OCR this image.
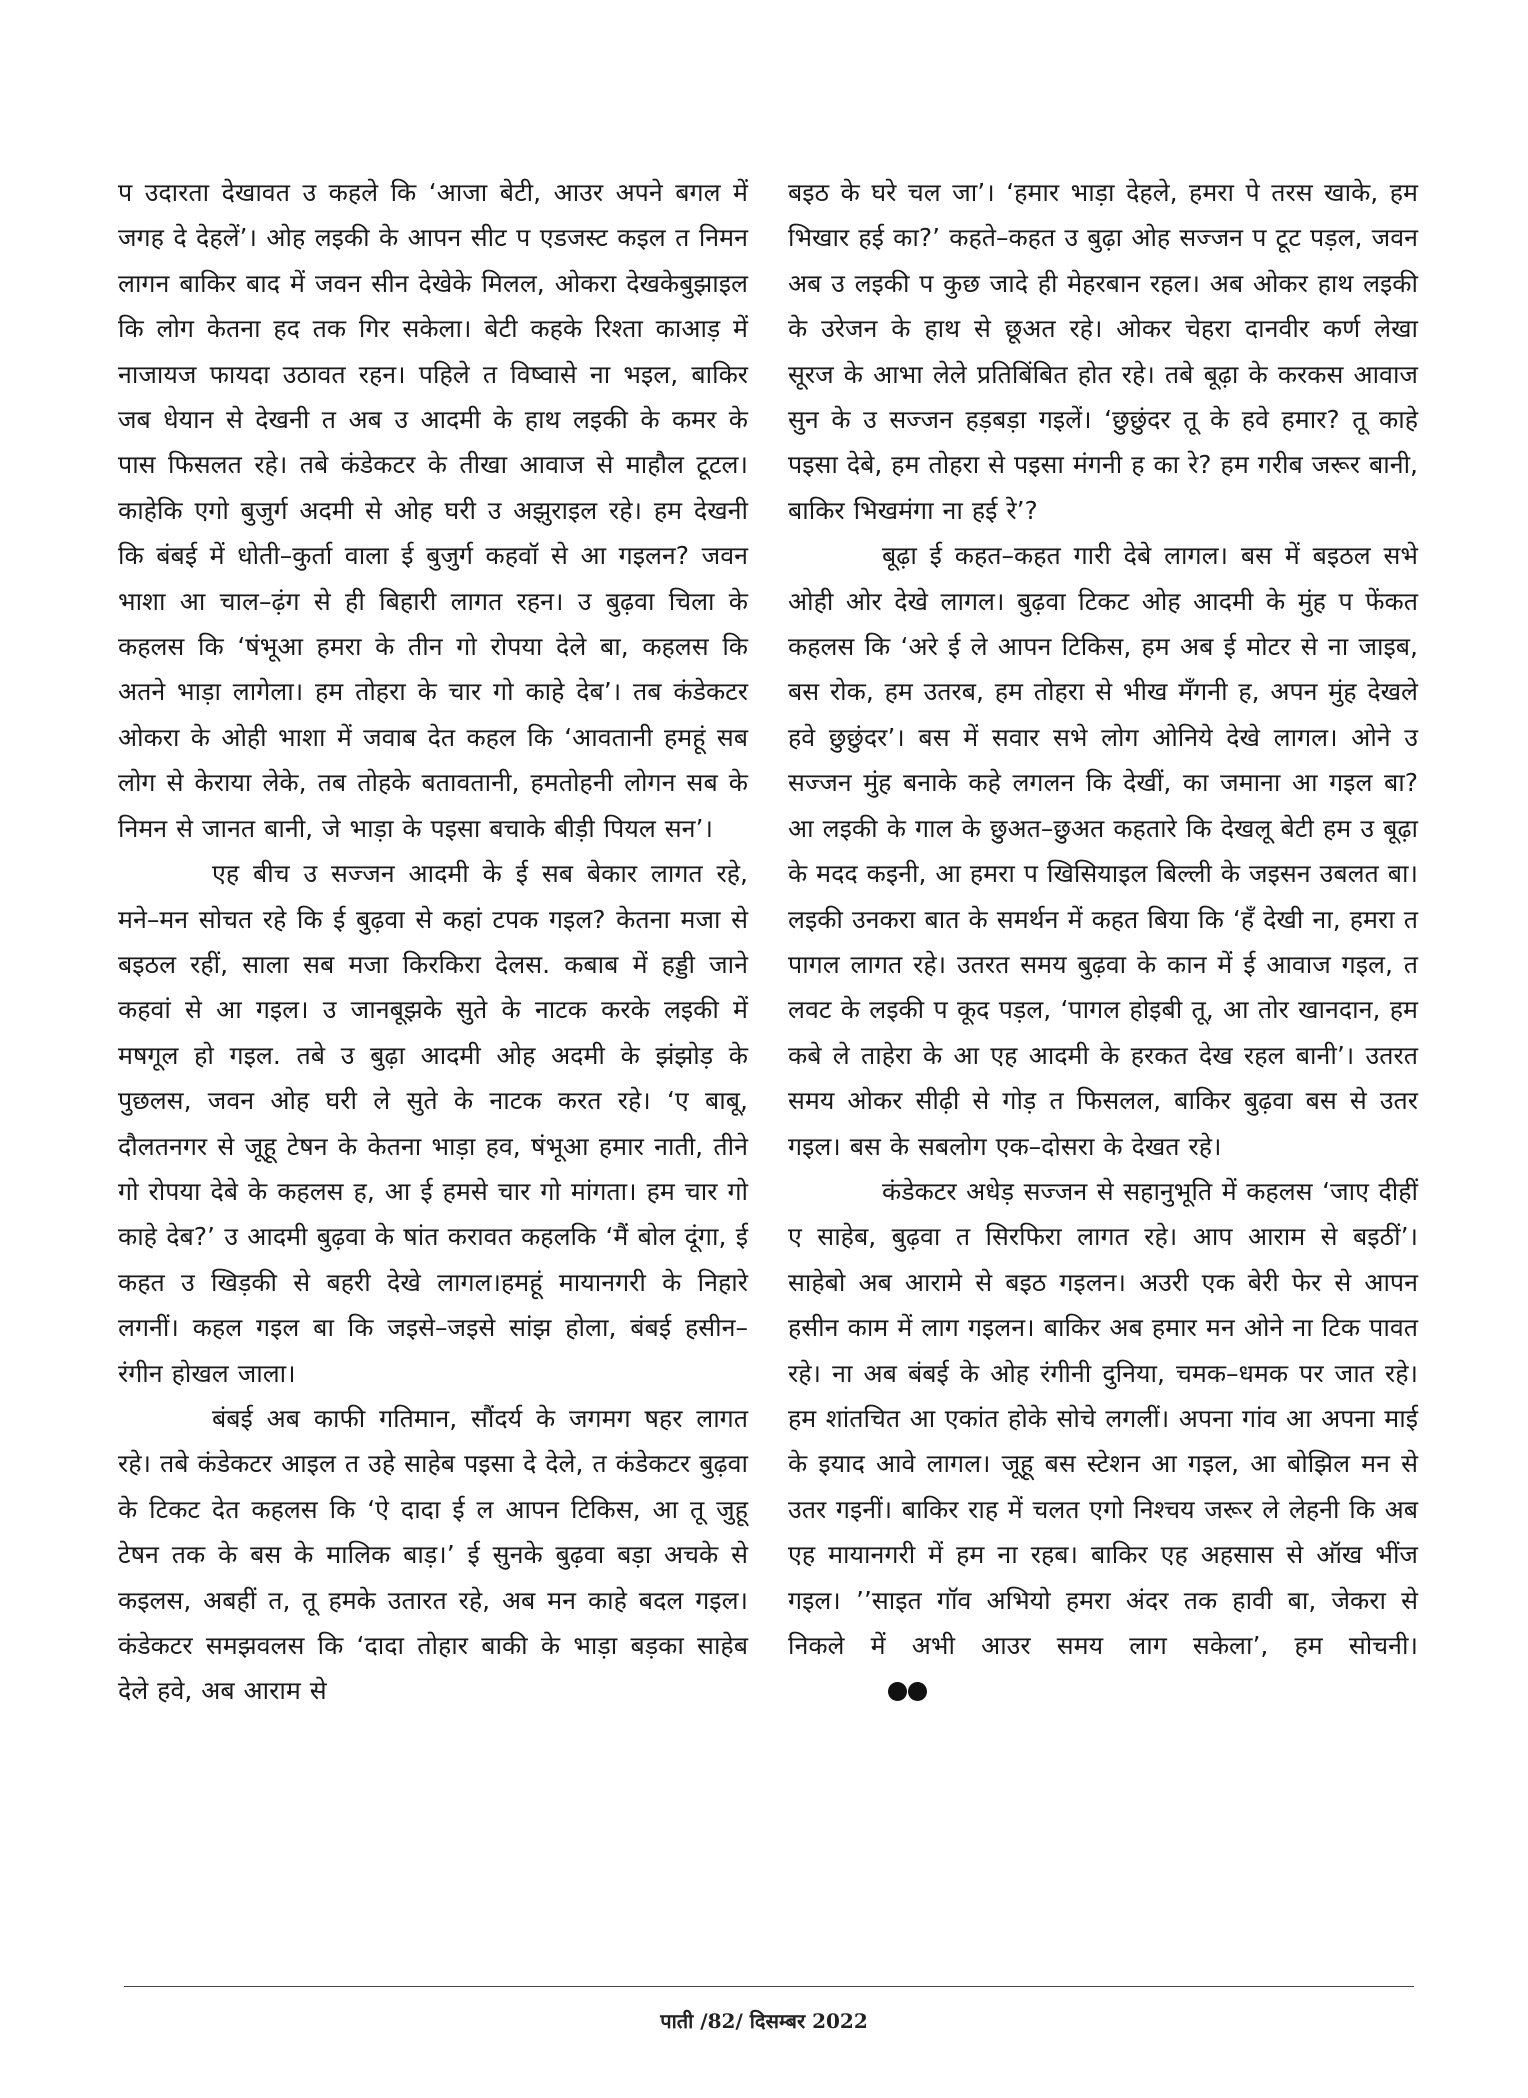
प उदारता देखावत उ कहले कि ‘आजा बेटी, आउर अपने बगल में जगह दे देहलें’। ओह लइकी के आपन सीट प एडजस्ट कइल त निमन लागन बाकिर बाद में जवन सीन देखेके मिलल, ओकरा देखकेबुझाइल कि लोग केतना हद तक गिर सकेला। बेटी कहके रिश्ता काआड़ में नाजायज फायदा उठावत रहन। पहिले त विष्वासे ना भइल, बाकिर जब धेयान से देखनी त अब उ आदमी के हाथ लइकी के कमर के पास फिसलत रहे। तबे कंडेकटर के तीखा आवाज से माहौल टूटल। काहेकि एगो बुजुर्ग अदमी से ओह घरी उ अझुराइल रहे। हम देखनी कि बंबई में धोती–कुर्ता वाला ई बुजुर्ग कहवॉ से आ गइलन? जवन भाशा आ चाल–ढ़ंग से ही बिहारी लागत रहन। उ बुढ़वा चिला के कहलस कि ‘षंभूआ हमरा के तीन गो रोपया देले बा, कहलस कि अतने भाड़ा लागेला। हम तोहरा के चार गो काहे देब’। तब कंडेकटर ओकरा के ओही भाशा में जवाब देत कहल कि ‘आवतानी हमहूं सब लोग से केराया लेके, तब तोहके बतावतानी, हमतोहनी लोगन सब के निमन से जानत बानी, जे भाड़ा के पइसा बचाके बीड़ी पियल सन’।

एह बीच उ सज्जन आदमी के ई सब बेकार लागत रहे, मने–मन सोचत रहे कि ई बुढ़वा से कहां टपक गइल? केतना मजा से बइठल रहीं, साला सब मजा किरकिरा देलस. कबाब में हड्डी जाने कहवां से आ गइल। उ जानबूझके सुते के नाटक करके लइकी में मषगूल हो गइल. तबे उ बुढ़ा आदमी ओह अदमी के झंझोड़ के पुछलस, जवन ओह घरी ले सुते के नाटक करत रहे। ‘ए बाबू, दौलतनगर से जूहू टेषन के केतना भाड़ा हव, षंभूआ हमार नाती, तीने गो रोपया देबे के कहलस ह, आ ई हमसे चार गो मांगता। हम चार गो काहे देब?’ उ आदमी बुढ़वा के षांत करावत कहलकि ‘मैं बोल दूंगा, ई कहत उ खिड़की से बहरी देखे लागल।हमहूं मायानगरी के निहारे लगनीं। कहल गइल बा कि जइसे–जइसे सांझ होला, बंबई हसीन–रंगीन होखल जाला।

बंबई अब काफी गतिमान, सौंदर्य के जगमग षहर लागत रहे। तबे कंडेकटर आइल त उहे साहेब पइसा दे देले, त कंडेकटर बुढ़वा के टिकट देत कहलस कि ‘ऐ दादा ई ल आपन टिकिस, आ तू जुहू टेषन तक के बस के मालिक बाड़।’ ई सुनके बुढ़वा बड़ा अचके से कइलस, अबहीं त, तू हमके उतारत रहे, अब मन काहे बदल गइल। कंडेकटर समझवलस कि ‘दादा तोहार बाकी के भाड़ा बड़का साहेब देले हवे, अब आराम से

बइठ के घरे चल जा’। ‘हमार भाड़ा देहले, हमरा पे तरस खाके, हम भिखार हई का?’ कहते–कहत उ बुढ़ा ओह सज्जन प टूट पड़ल, जवन अब उ लइकी प कुछ जादे ही मेहरबान रहल। अब ओकर हाथ लइकी के उरेजन के हाथ से छूअत रहे। ओकर चेहरा दानवीर कर्ण लेखा सूरज के आभा लेले प्रतिबिंबित होत रहे। तबे बूढ़ा के करकस आवाज सुन के उ सज्जन हड़बड़ा गइलें। ‘छुछुंदर तू के हवे हमार? तू काहे पइसा देबे, हम तोहरा से पइसा मंगनी ह का रे? हम गरीब जरूर बानी, बाकिर भिखमंगा ना हई रे’?

बूढ़ा ई कहत–कहत गारी देबे लागल। बस में बइठल सभे ओही ओर देखे लागल। बुढ़वा टिकट ओह आदमी के मुंह प फेंकत कहलस कि ‘अरे ई ले आपन टिकिस, हम अब ई मोटर से ना जाइब, बस रोक, हम उतरब, हम तोहरा से भीख मँगनी ह, अपन मुंह देखले हवे छुछुंदर’। बस में सवार सभे लोग ओनिये देखे लागल। ओने उ सज्जन मुंह बनाके कहे लगलन कि देखीं, का जमाना आ गइल बा? आ लइकी के गाल के छुअत–छुअत कहतारे कि देखलू बेटी हम उ बूढ़ा के मदद कइनी, आ हमरा प खिसियाइल बिल्ली के जइसन उबलत बा। लइकी उनकरा बात के समर्थन में कहत बिया कि ‘हँ देखी ना, हमरा त पागल लागत रहे। उतरत समय बुढ़वा के कान में ई आवाज गइल, त लवट के लइकी प कूद पड़ल, ‘पागल होइबी तू, आ तोर खानदान, हम कबे ले ताहेरा के आ एह आदमी के हरकत देख रहल बानी’। उतरत समय ओकर सीढ़ी से गोड़ त फिसलल, बाकिर बुढ़वा बस से उतर गइल। बस के सबलोग एक–दोसरा के देखत रहे।

कंडेकटर अधेड़ सज्जन से सहानुभूति में कहलस ‘जाए दीहीं ए साहेब, बुढ़वा त सिरफिरा लागत रहे। आप आराम से बइठीं’। साहेबो अब आरामे से बइठ गइलन। अउरी एक बेरी फेर से आपन हसीन काम में लाग गइलन। बाकिर अब हमार मन ओने ना टिक पावत रहे। ना अब बंबई के ओह रंगीनी दुनिया, चमक–धमक पर जात रहे। हम शांतचित आ एकांत होके सोचे लगलीं। अपना गांव आ अपना माई के इयाद आवे लागल। जूहू बस स्टेशन आ गइल, आ बोझिल मन से उतर गइनीं। बाकिर राह में चलत एगो निश्चय जरूर ले लेहनी कि अब एह मायानगरी में हम ना रहब। बाकिर एह अहसास से ऑख भींज गइल। ’’साइत गॉव अभियो हमरा अंदर तक हावी बा, जेकरा से निकले में अभी आउर समय लाग सकेला’, हम सोचनी।

पाती /82/ दिसम्बर 2022
